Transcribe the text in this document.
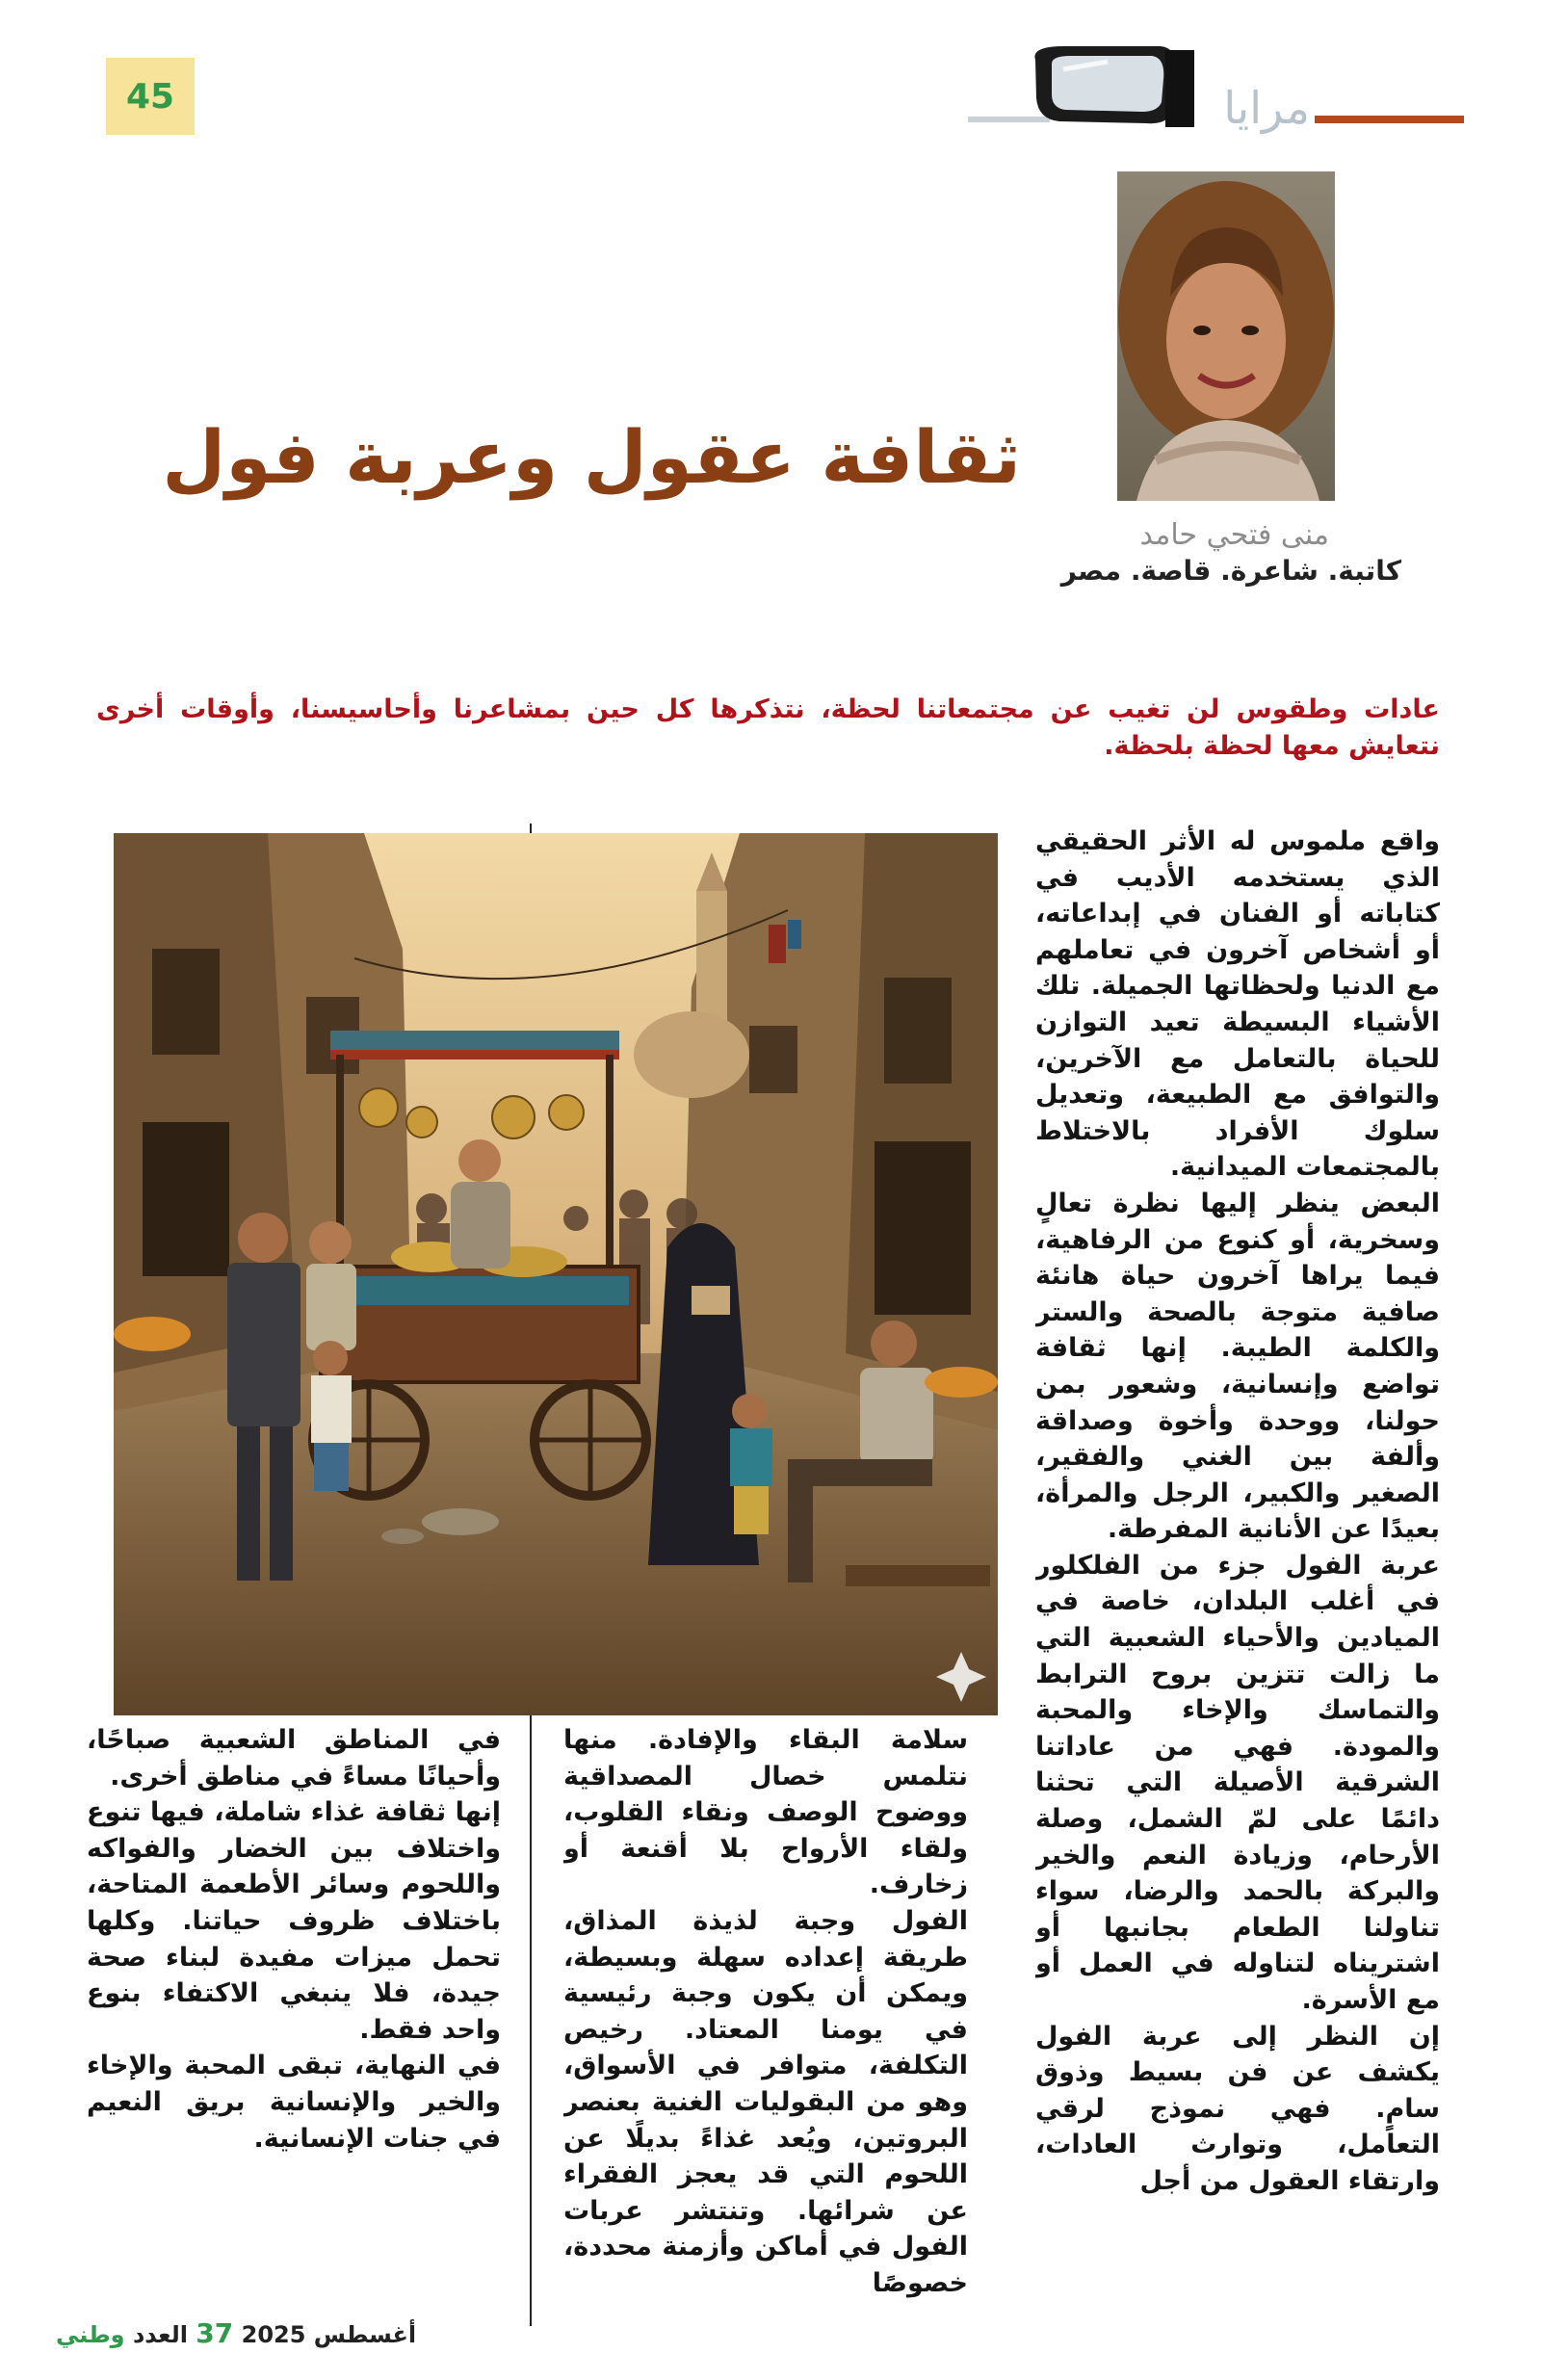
45	مرايا
ثقافة عقول وعربة فول
منى فتحي حامد
كاتبة. شاعرة. قاصة. مصر
عادات وطقوس لن تغيب عن مجتمعاتنا لحظة، نتذكرها كل حين بمشاعرنا وأحاسيسنا، وأوقات أخرى نتعايش معها لحظة بلحظة.

واقع ملموس له الأثر الحقيقي الذي يستخدمه الأديب في كتاباته أو الفنان في إبداعاته، أو أشخاص آخرون في تعاملهم مع الدنيا ولحظاتها الجميلة. تلك الأشياء البسيطة تعيد التوازن للحياة بالتعامل مع الآخرين، والتوافق مع الطبيعة، وتعديل سلوك الأفراد بالاختلاط بالمجتمعات الميدانية.

البعض ينظر إليها نظرة تعالٍ وسخرية، أو كنوع من الرفاهية، فيما يراها آخرون حياة هانئة صافية متوجة بالصحة والستر والكلمة الطيبة. إنها ثقافة تواضع وإنسانية، وشعور بمن حولنا، ووحدة وأخوة وصداقة وألفة بين الغني والفقير، الصغير والكبير، الرجل والمرأة، بعيدًا عن الأنانية المفرطة.

عربة الفول جزء من الفلكلور في أغلب البلدان، خاصة في الميادين والأحياء الشعبية التي ما زالت تتزين بروح الترابط والتماسك والإخاء والمحبة والمودة. فهي من عاداتنا الشرقية الأصيلة التي تحثنا دائمًا على لمّ الشمل، وصلة الأرحام، وزيادة النعم والخير والبركة بالحمد والرضا، سواء تناولنا الطعام بجانبها أو اشتريناه لتناوله في العمل أو مع الأسرة.

إن النظر إلى عربة الفول يكشف عن فن بسيط وذوق سامٍ. فهي نموذج لرقي التعامل، وتوارث العادات، وارتقاء العقول من أجل

سلامة البقاء والإفادة. منها نتلمس خصال المصداقية ووضوح الوصف ونقاء القلوب، ولقاء الأرواح بلا أقنعة أو زخارف.

الفول وجبة لذيذة المذاق، طريقة إعداده سهلة وبسيطة، ويمكن أن يكون وجبة رئيسية في يومنا المعتاد. رخيص التكلفة، متوافر في الأسواق، وهو من البقوليات الغنية بعنصر البروتين، ويُعد غذاءً بديلًا عن اللحوم التي قد يعجز الفقراء عن شرائها. وتنتشر عربات الفول في أماكن وأزمنة محددة، خصوصًا

في المناطق الشعبية صباحًا، وأحيانًا مساءً في مناطق أخرى.

إنها ثقافة غذاء شاملة، فيها تنوع واختلاف بين الخضار والفواكه واللحوم وسائر الأطعمة المتاحة، باختلاف ظروف حياتنا. وكلها تحمل ميزات مفيدة لبناء صحة جيدة، فلا ينبغي الاكتفاء بنوع واحد فقط.

في النهاية، تبقى المحبة والإخاء والخير والإنسانية بريق النعيم في جنات الإنسانية.

أغسطس 2025 37 العدد وطني
